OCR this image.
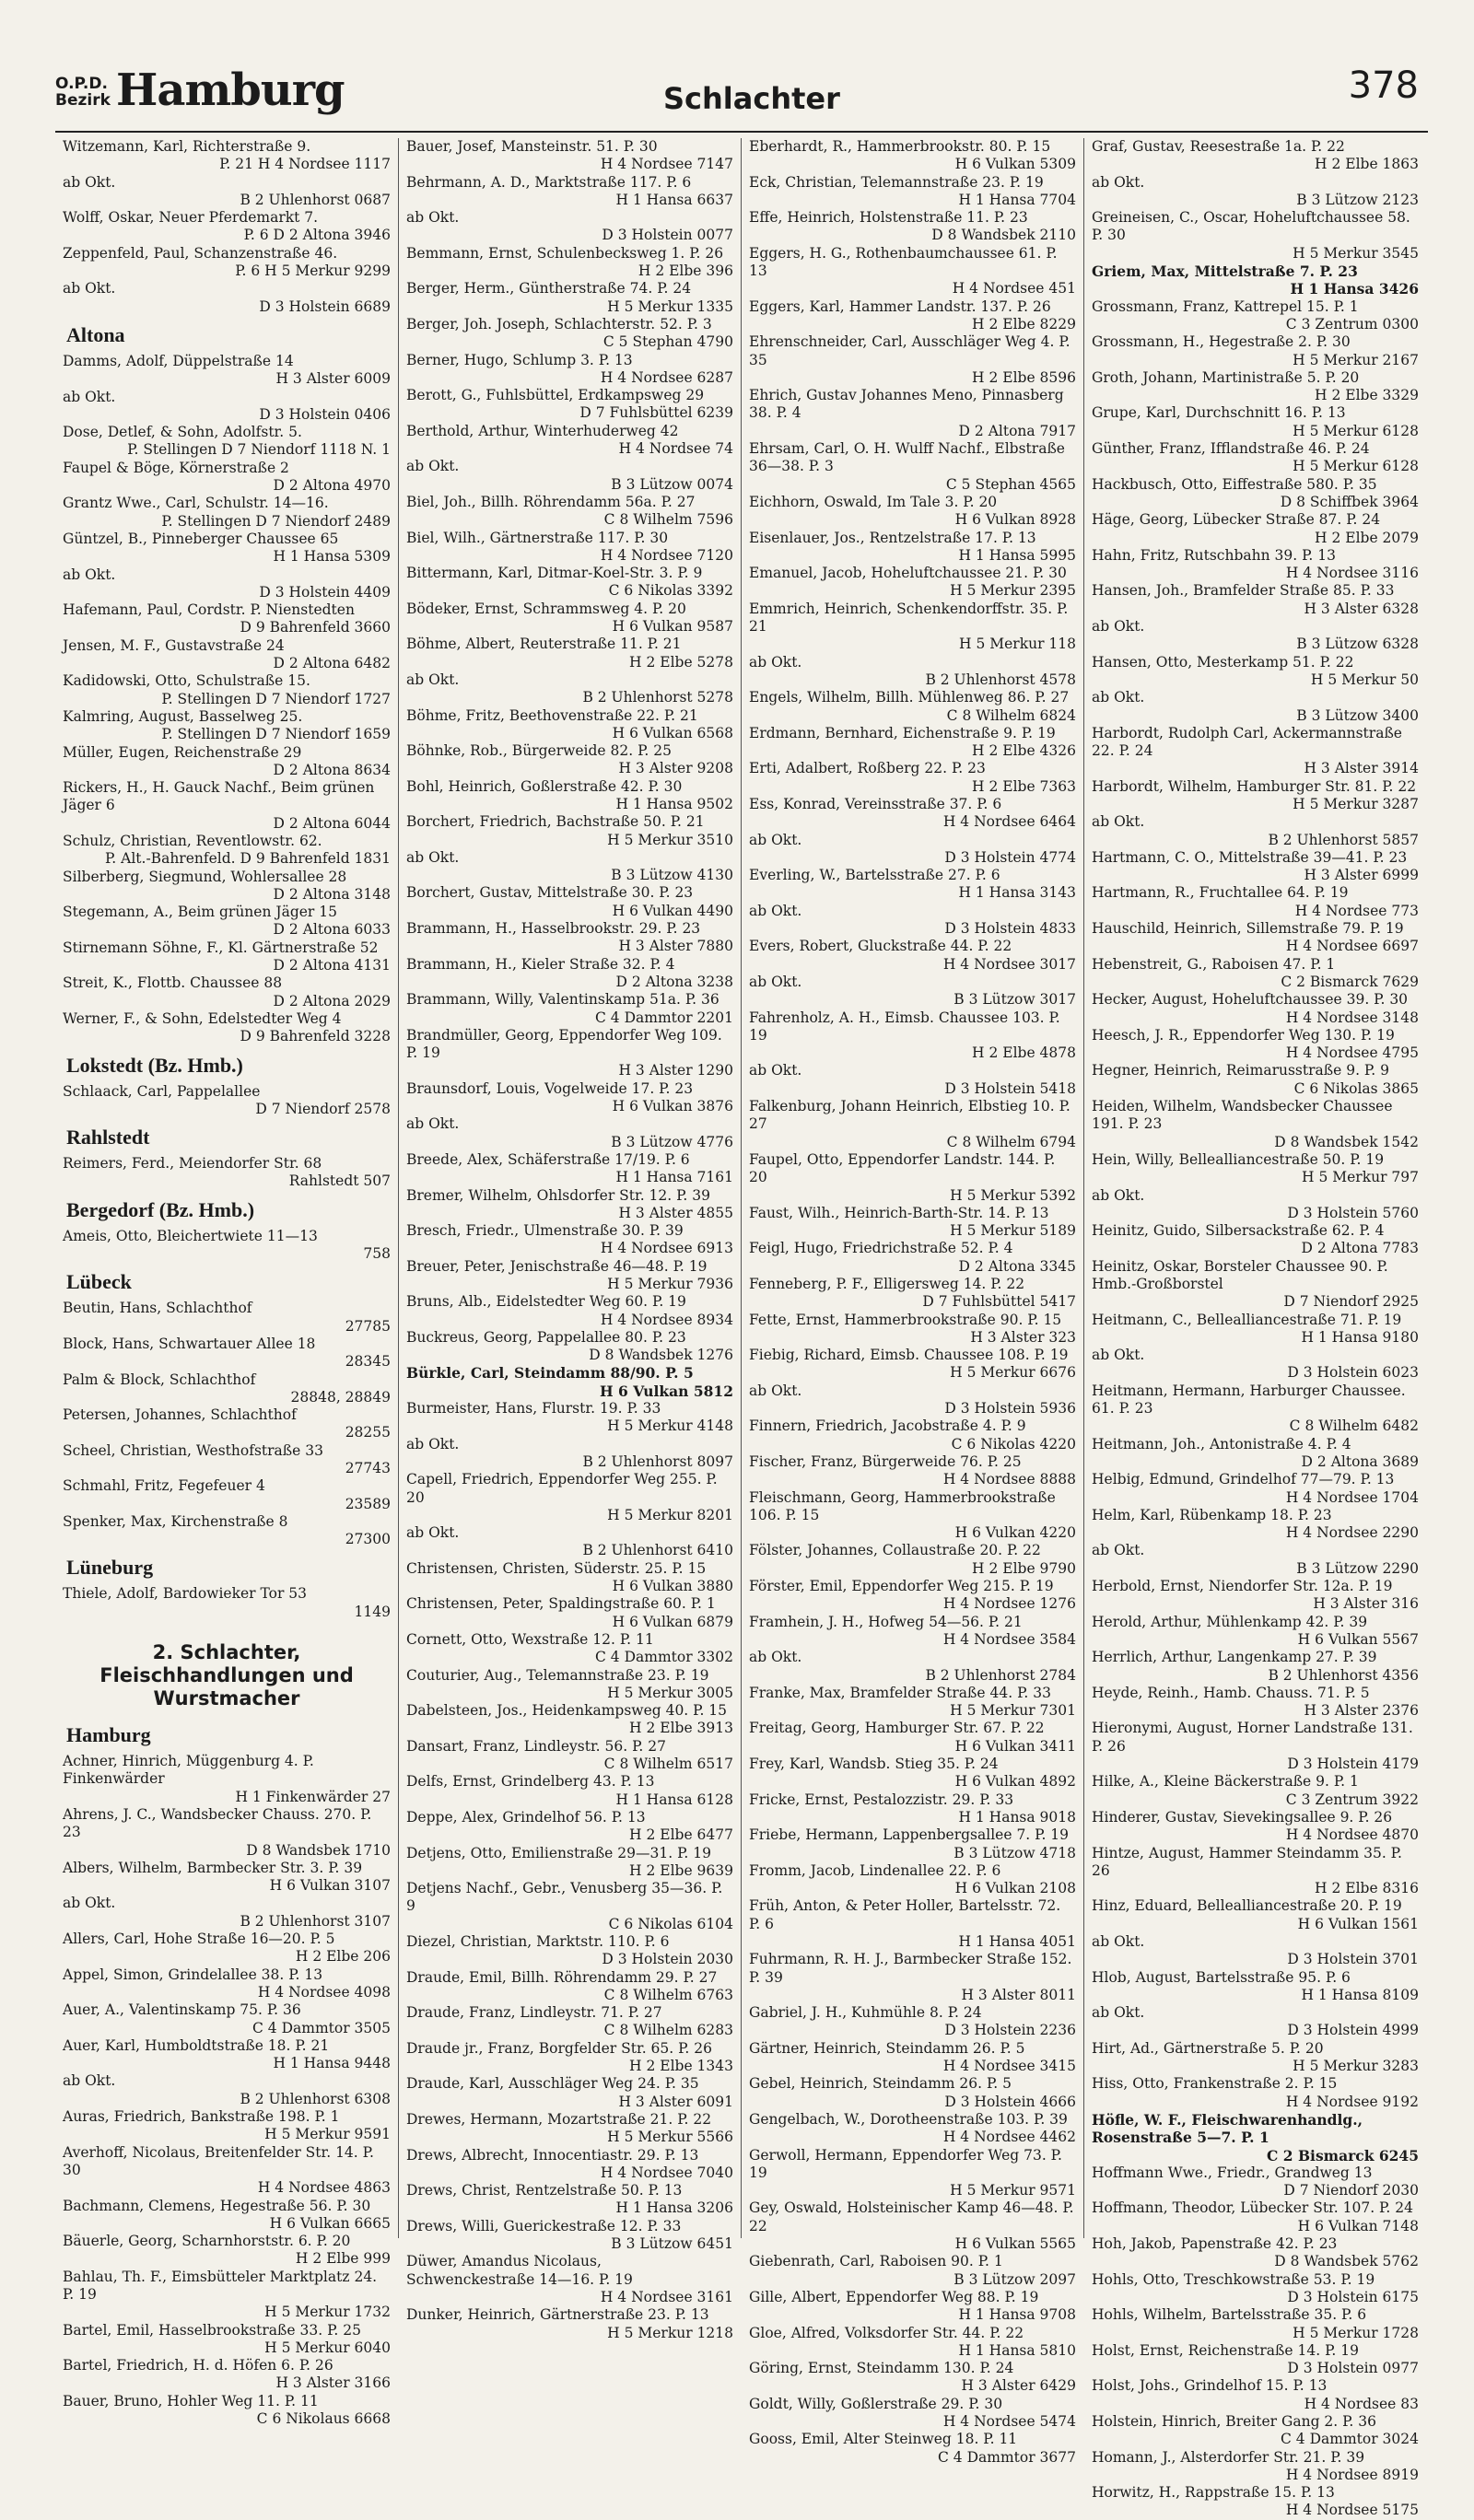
O.P.D.
Bezirk Hamburg	Schlachter	378
Witzemann, Karl, Richterstraße 9.
P. 21 H 4 Nordsee 1117
ab Okt.
B 2 Uhlenhorst 0687
Wolff, Oskar, Neuer Pferdemarkt 7.
P. 6 D 2 Altona 3946
Zeppenfeld, Paul, Schanzenstraße 46.
P. 6 H 5 Merkur 9299
ab Okt.
D 3 Holstein 6689
Altona
Damms, Adolf, Düppelstraße 14
H 3 Alster 6009
ab Okt.
D 3 Holstein 0406
Dose, Detlef, & Sohn, Adolfstr. 5.
P. Stellingen D 7 Niendorf 1118 N. 1
Faupel & Böge, Körnerstraße 2
D 2 Altona 4970
Grantz Wwe., Carl, Schulstr. 14—16.
P. Stellingen D 7 Niendorf 2489
Güntzel, B., Pinneberger Chaussee 65
H 1 Hansa 5309
ab Okt.
D 3 Holstein 4409
Hafemann, Paul, Cordstr. P. Nienstedten
D 9 Bahrenfeld 3660
Jensen, M. F., Gustavstraße 24
D 2 Altona 6482
Kadidowski, Otto, Schulstraße 15.
P. Stellingen D 7 Niendorf 1727
Kalmring, August, Basselweg 25.
P. Stellingen D 7 Niendorf 1659
Müller, Eugen, Reichenstraße 29
D 2 Altona 8634
Rickers, H., H. Gauck Nachf., Beim grünen Jäger 6
D 2 Altona 6044
Schulz, Christian, Reventlowstr. 62.
P. Alt.-Bahrenfeld. D 9 Bahrenfeld 1831
Silberberg, Siegmund, Wohlersallee 28
D 2 Altona 3148
Stegemann, A., Beim grünen Jäger 15
D 2 Altona 6033
Stirnemann Söhne, F., Kl. Gärtnerstraße 52
D 2 Altona 4131
Streit, K., Flottb. Chaussee 88
D 2 Altona 2029
Werner, F., & Sohn, Edelstedter Weg 4
D 9 Bahrenfeld 3228
Lokstedt (Bz. Hmb.)
Schlaack, Carl, Pappelallee
D 7 Niendorf 2578
Rahlstedt
Reimers, Ferd., Meiendorfer Str. 68
Rahlstedt 507
Bergedorf (Bz. Hmb.)
Ameis, Otto, Bleichertwiete 11—13
758
Lübeck
Beutin, Hans, Schlachthof
27785
Block, Hans, Schwartauer Allee 18
28345
Palm & Block, Schlachthof
28848, 28849
Petersen, Johannes, Schlachthof
28255
Scheel, Christian, Westhofstraße 33
27743
Schmahl, Fritz, Fegefeuer 4
23589
Spenker, Max, Kirchenstraße 8
27300
Lüneburg
Thiele, Adolf, Bardowieker Tor 53
1149
2. Schlachter, Fleischhandlungen und Wurstmacher
Hamburg
Achner, Hinrich, Müggenburg 4. P. Finkenwärder
H 1 Finkenwärder 27
Ahrens, J. C., Wandsbecker Chauss. 270. P. 23
D 8 Wandsbek 1710
Albers, Wilhelm, Barmbecker Str. 3. P. 39
H 6 Vulkan 3107
ab Okt.
B 2 Uhlenhorst 3107
Allers, Carl, Hohe Straße 16—20. P. 5
H 2 Elbe 206
Appel, Simon, Grindelallee 38. P. 13
H 4 Nordsee 4098
Auer, A., Valentinskamp 75. P. 36
C 4 Dammtor 3505
Auer, Karl, Humboldtstraße 18. P. 21
H 1 Hansa 9448
ab Okt.
B 2 Uhlenhorst 6308
Auras, Friedrich, Bankstraße 198. P. 1
H 5 Merkur 9591
Averhoff, Nicolaus, Breitenfelder Str. 14. P. 30
H 4 Nordsee 4863
Bachmann, Clemens, Hegestraße 56. P. 30
H 6 Vulkan 6665
Bäuerle, Georg, Scharnhorststr. 6. P. 20
H 2 Elbe 999
Bahlau, Th. F., Eimsbütteler Marktplatz 24. P. 19
H 5 Merkur 1732
Bartel, Emil, Hasselbrookstraße 33. P. 25
H 5 Merkur 6040
Bartel, Friedrich, H. d. Höfen 6. P. 26
H 3 Alster 3166
Bauer, Bruno, Hohler Weg 11. P. 11
C 6 Nikolaus 6668
Bauer, Josef, Mansteinstr. 51. P. 30
H 4 Nordsee 7147
Behrmann, A. D., Marktstraße 117. P. 6
H 1 Hansa 6637
ab Okt.
D 3 Holstein 0077
Bemmann, Ernst, Schulenbecksweg 1. P. 26
H 2 Elbe 396
Berger, Herm., Güntherstraße 74. P. 24
H 5 Merkur 1335
Berger, Joh. Joseph, Schlachterstr. 52. P. 3
C 5 Stephan 4790
Berner, Hugo, Schlump 3. P. 13
H 4 Nordsee 6287
Berott, G., Fuhlsbüttel, Erdkampsweg 29
D 7 Fuhlsbüttel 6239
Berthold, Arthur, Winterhuderweg 42
H 4 Nordsee 74
ab Okt.
B 3 Lützow 0074
Biel, Joh., Billh. Röhrendamm 56a. P. 27
C 8 Wilhelm 7596
Biel, Wilh., Gärtnerstraße 117. P. 30
H 4 Nordsee 7120
Bittermann, Karl, Ditmar-Koel-Str. 3. P. 9
C 6 Nikolas 3392
Bödeker, Ernst, Schrammsweg 4. P. 20
H 6 Vulkan 9587
Böhme, Albert, Reuterstraße 11. P. 21
H 2 Elbe 5278
ab Okt.
B 2 Uhlenhorst 5278
Böhme, Fritz, Beethovenstraße 22. P. 21
H 6 Vulkan 6568
Böhnke, Rob., Bürgerweide 82. P. 25
H 3 Alster 9208
Bohl, Heinrich, Goßlerstraße 42. P. 30
H 1 Hansa 9502
Borchert, Friedrich, Bachstraße 50. P. 21
H 5 Merkur 3510
ab Okt.
B 3 Lützow 4130
Borchert, Gustav, Mittelstraße 30. P. 23
H 6 Vulkan 4490
Brammann, H., Hasselbrookstr. 29. P. 23
H 3 Alster 7880
Brammann, H., Kieler Straße 32. P. 4
D 2 Altona 3238
Brammann, Willy, Valentinskamp 51a. P. 36
C 4 Dammtor 2201
Brandmüller, Georg, Eppendorfer Weg 109. P. 19
H 3 Alster 1290
Braunsdorf, Louis, Vogelweide 17. P. 23
H 6 Vulkan 3876
ab Okt.
B 3 Lützow 4776
Breede, Alex, Schäferstraße 17/19. P. 6
H 1 Hansa 7161
Bremer, Wilhelm, Ohlsdorfer Str. 12. P. 39
H 3 Alster 4855
Bresch, Friedr., Ulmenstraße 30. P. 39
H 4 Nordsee 6913
Breuer, Peter, Jenischstraße 46—48. P. 19
H 5 Merkur 7936
Bruns, Alb., Eidelstedter Weg 60. P. 19
H 4 Nordsee 8934
Buckreus, Georg, Pappelallee 80. P. 23
D 8 Wandsbek 1276
Bürkle, Carl, Steindamm 88/90. P. 5
H 6 Vulkan 5812
Burmeister, Hans, Flurstr. 19. P. 33
H 5 Merkur 4148
ab Okt.
B 2 Uhlenhorst 8097
Capell, Friedrich, Eppendorfer Weg 255. P. 20
H 5 Merkur 8201
ab Okt.
B 2 Uhlenhorst 6410
Christensen, Christen, Süderstr. 25. P. 15
H 6 Vulkan 3880
Christensen, Peter, Spaldingstraße 60. P. 1
H 6 Vulkan 6879
Cornett, Otto, Wexstraße 12. P. 11
C 4 Dammtor 3302
Couturier, Aug., Telemannstraße 23. P. 19
H 5 Merkur 3005
Dabelsteen, Jos., Heidenkampsweg 40. P. 15
H 2 Elbe 3913
Dansart, Franz, Lindleystr. 56. P. 27
C 8 Wilhelm 6517
Delfs, Ernst, Grindelberg 43. P. 13
H 1 Hansa 6128
Deppe, Alex, Grindelhof 56. P. 13
H 2 Elbe 6477
Detjens, Otto, Emilienstraße 29—31. P. 19
H 2 Elbe 9639
Detjens Nachf., Gebr., Venusberg 35—36. P. 9
C 6 Nikolas 6104
Diezel, Christian, Marktstr. 110. P. 6
D 3 Holstein 2030
Draude, Emil, Billh. Röhrendamm 29. P. 27
C 8 Wilhelm 6763
Draude, Franz, Lindleystr. 71. P. 27
C 8 Wilhelm 6283
Draude jr., Franz, Borgfelder Str. 65. P. 26
H 2 Elbe 1343
Draude, Karl, Ausschläger Weg 24. P. 35
H 3 Alster 6091
Drewes, Hermann, Mozartstraße 21. P. 22
H 5 Merkur 5566
Drews, Albrecht, Innocentiastr. 29. P. 13
H 4 Nordsee 7040
Drews, Christ, Rentzelstraße 50. P. 13
H 1 Hansa 3206
Drews, Willi, Guerickestraße 12. P. 33
B 3 Lützow 6451
Düwer, Amandus Nicolaus, Schwenckestraße 14—16. P. 19
H 4 Nordsee 3161
Dunker, Heinrich, Gärtnerstraße 23. P. 13
H 5 Merkur 1218
Eberhardt, R., Hammerbrookstr. 80. P. 15
H 6 Vulkan 5309
Eck, Christian, Telemannstraße 23. P. 19
H 1 Hansa 7704
Effe, Heinrich, Holstenstraße 11. P. 23
D 8 Wandsbek 2110
Eggers, H. G., Rothenbaumchaussee 61. P. 13
H 4 Nordsee 451
Eggers, Karl, Hammer Landstr. 137. P. 26
H 2 Elbe 8229
Ehrenschneider, Carl, Ausschläger Weg 4. P. 35
H 2 Elbe 8596
Ehrich, Gustav Johannes Meno, Pinnasberg 38. P. 4
D 2 Altona 7917
Ehrsam, Carl, O. H. Wulff Nachf., Elbstraße 36—38. P. 3
C 5 Stephan 4565
Eichhorn, Oswald, Im Tale 3. P. 20
H 6 Vulkan 8928
Eisenlauer, Jos., Rentzelstraße 17. P. 13
H 1 Hansa 5995
Emanuel, Jacob, Hoheluftchaussee 21. P. 30
H 5 Merkur 2395
Emmrich, Heinrich, Schenkendorffstr. 35. P. 21
H 5 Merkur 118
ab Okt.
B 2 Uhlenhorst 4578
Engels, Wilhelm, Billh. Mühlenweg 86. P. 27
C 8 Wilhelm 6824
Erdmann, Bernhard, Eichenstraße 9. P. 19
H 2 Elbe 4326
Erti, Adalbert, Roßberg 22. P. 23
H 2 Elbe 7363
Ess, Konrad, Vereinsstraße 37. P. 6
H 4 Nordsee 6464
ab Okt.
D 3 Holstein 4774
Everling, W., Bartelsstraße 27. P. 6
H 1 Hansa 3143
ab Okt.
D 3 Holstein 4833
Evers, Robert, Gluckstraße 44. P. 22
H 4 Nordsee 3017
ab Okt.
B 3 Lützow 3017
Fahrenholz, A. H., Eimsb. Chaussee 103. P. 19
H 2 Elbe 4878
ab Okt.
D 3 Holstein 5418
Falkenburg, Johann Heinrich, Elbstieg 10. P. 27
C 8 Wilhelm 6794
Faupel, Otto, Eppendorfer Landstr. 144. P. 20
H 5 Merkur 5392
Faust, Wilh., Heinrich-Barth-Str. 14. P. 13
H 5 Merkur 5189
Feigl, Hugo, Friedrichstraße 52. P. 4
D 2 Altona 3345
Fenneberg, P. F., Elligersweg 14. P. 22
D 7 Fuhlsbüttel 5417
Fette, Ernst, Hammerbrookstraße 90. P. 15
H 3 Alster 323
Fiebig, Richard, Eimsb. Chaussee 108. P. 19
H 5 Merkur 6676
ab Okt.
D 3 Holstein 5936
Finnern, Friedrich, Jacobstraße 4. P. 9
C 6 Nikolas 4220
Fischer, Franz, Bürgerweide 76. P. 25
H 4 Nordsee 8888
Fleischmann, Georg, Hammerbrookstraße 106. P. 15
H 6 Vulkan 4220
Fölster, Johannes, Collaustraße 20. P. 22
H 2 Elbe 9790
Förster, Emil, Eppendorfer Weg 215. P. 19
H 4 Nordsee 1276
Framhein, J. H., Hofweg 54—56. P. 21
H 4 Nordsee 3584
ab Okt.
B 2 Uhlenhorst 2784
Franke, Max, Bramfelder Straße 44. P. 33
H 5 Merkur 7301
Freitag, Georg, Hamburger Str. 67. P. 22
H 6 Vulkan 3411
Frey, Karl, Wandsb. Stieg 35. P. 24
H 6 Vulkan 4892
Fricke, Ernst, Pestalozzistr. 29. P. 33
H 1 Hansa 9018
Friebe, Hermann, Lappenbergsallee 7. P. 19
B 3 Lützow 4718
Fromm, Jacob, Lindenallee 22. P. 6
H 6 Vulkan 2108
Früh, Anton, & Peter Holler, Bartelsstr. 72. P. 6
H 1 Hansa 4051
Fuhrmann, R. H. J., Barmbecker Straße 152. P. 39
H 3 Alster 8011
Gabriel, J. H., Kuhmühle 8. P. 24
D 3 Holstein 2236
Gärtner, Heinrich, Steindamm 26. P. 5
H 4 Nordsee 3415
Gebel, Heinrich, Steindamm 26. P. 5
D 3 Holstein 4666
Gengelbach, W., Dorotheenstraße 103. P. 39
H 4 Nordsee 4462
Gerwoll, Hermann, Eppendorfer Weg 73. P. 19
H 5 Merkur 9571
Gey, Oswald, Holsteinischer Kamp 46—48. P. 22
H 6 Vulkan 5565
Giebenrath, Carl, Raboisen 90. P. 1
B 3 Lützow 2097
Gille, Albert, Eppendorfer Weg 88. P. 19
H 1 Hansa 9708
Gloe, Alfred, Volksdorfer Str. 44. P. 22
H 1 Hansa 5810
Göring, Ernst, Steindamm 130. P. 24
H 3 Alster 6429
Goldt, Willy, Goßlerstraße 29. P. 30
H 4 Nordsee 5474
Gooss, Emil, Alter Steinweg 18. P. 11
C 4 Dammtor 3677
Graf, Gustav, Reesestraße 1a. P. 22
H 2 Elbe 1863
ab Okt.
B 3 Lützow 2123
Greineisen, C., Oscar, Hoheluftchaussee 58. P. 30
H 5 Merkur 3545
Griem, Max, Mittelstraße 7. P. 23
H 1 Hansa 3426
Grossmann, Franz, Kattrepel 15. P. 1
C 3 Zentrum 0300
Grossmann, H., Hegestraße 2. P. 30
H 5 Merkur 2167
Groth, Johann, Martinistraße 5. P. 20
H 2 Elbe 3329
Grupe, Karl, Durchschnitt 16. P. 13
H 5 Merkur 6128
Günther, Franz, Ifflandstraße 46. P. 24
H 5 Merkur 6128
Hackbusch, Otto, Eiffestraße 580. P. 35
D 8 Schiffbek 3964
Häge, Georg, Lübecker Straße 87. P. 24
H 2 Elbe 2079
Hahn, Fritz, Rutschbahn 39. P. 13
H 4 Nordsee 3116
Hansen, Joh., Bramfelder Straße 85. P. 33
H 3 Alster 6328
ab Okt.
B 3 Lützow 6328
Hansen, Otto, Mesterkamp 51. P. 22
H 5 Merkur 50
ab Okt.
B 3 Lützow 3400
Harbordt, Rudolph Carl, Ackermannstraße 22. P. 24
H 3 Alster 3914
Harbordt, Wilhelm, Hamburger Str. 81. P. 22
H 5 Merkur 3287
ab Okt.
B 2 Uhlenhorst 5857
Hartmann, C. O., Mittelstraße 39—41. P. 23
H 3 Alster 6999
Hartmann, R., Fruchtallee 64. P. 19
H 4 Nordsee 773
Hauschild, Heinrich, Sillemstraße 79. P. 19
H 4 Nordsee 6697
Hebenstreit, G., Raboisen 47. P. 1
C 2 Bismarck 7629
Hecker, August, Hoheluftchaussee 39. P. 30
H 4 Nordsee 3148
Heesch, J. R., Eppendorfer Weg 130. P. 19
H 4 Nordsee 4795
Hegner, Heinrich, Reimarusstraße 9. P. 9
C 6 Nikolas 3865
Heiden, Wilhelm, Wandsbecker Chaussee 191. P. 23
D 8 Wandsbek 1542
Hein, Willy, Bellealliancestraße 50. P. 19
H 5 Merkur 797
ab Okt.
D 3 Holstein 5760
Heinitz, Guido, Silbersackstraße 62. P. 4
D 2 Altona 7783
Heinitz, Oskar, Borsteler Chaussee 90. P. Hmb.-Großborstel
D 7 Niendorf 2925
Heitmann, C., Bellealliancestraße 71. P. 19
H 1 Hansa 9180
ab Okt.
D 3 Holstein 6023
Heitmann, Hermann, Harburger Chaussee. 61. P. 23
C 8 Wilhelm 6482
Heitmann, Joh., Antonistraße 4. P. 4
D 2 Altona 3689
Helbig, Edmund, Grindelhof 77—79. P. 13
H 4 Nordsee 1704
Helm, Karl, Rübenkamp 18. P. 23
H 4 Nordsee 2290
ab Okt.
B 3 Lützow 2290
Herbold, Ernst, Niendorfer Str. 12a. P. 19
H 3 Alster 316
Herold, Arthur, Mühlenkamp 42. P. 39
H 6 Vulkan 5567
Herrlich, Arthur, Langenkamp 27. P. 39
B 2 Uhlenhorst 4356
Heyde, Reinh., Hamb. Chauss. 71. P. 5
H 3 Alster 2376
Hieronymi, August, Horner Landstraße 131. P. 26
D 3 Holstein 4179
Hilke, A., Kleine Bäckerstraße 9. P. 1
C 3 Zentrum 3922
Hinderer, Gustav, Sievekingsallee 9. P. 26
H 4 Nordsee 4870
Hintze, August, Hammer Steindamm 35. P. 26
H 2 Elbe 8316
Hinz, Eduard, Bellealliancestraße 20. P. 19
H 6 Vulkan 1561
ab Okt.
D 3 Holstein 3701
Hlob, August, Bartelsstraße 95. P. 6
H 1 Hansa 8109
ab Okt.
D 3 Holstein 4999
Hirt, Ad., Gärtnerstraße 5. P. 20
H 5 Merkur 3283
Hiss, Otto, Frankenstraße 2. P. 15
H 4 Nordsee 9192
Höfle, W. F., Fleischwarenhandlg., Rosenstraße 5—7. P. 1
C 2 Bismarck 6245
Hoffmann Wwe., Friedr., Grandweg 13
D 7 Niendorf 2030
Hoffmann, Theodor, Lübecker Str. 107. P. 24
H 6 Vulkan 7148
Hoh, Jakob, Papenstraße 42. P. 23
D 8 Wandsbek 5762
Hohls, Otto, Treschkowstraße 53. P. 19
D 3 Holstein 6175
Hohls, Wilhelm, Bartelsstraße 35. P. 6
H 5 Merkur 1728
Holst, Ernst, Reichenstraße 14. P. 19
D 3 Holstein 0977
Holst, Johs., Grindelhof 15. P. 13
H 4 Nordsee 83
Holstein, Hinrich, Breiter Gang 2. P. 36
C 4 Dammtor 3024
Homann, J., Alsterdorfer Str. 21. P. 39
H 4 Nordsee 8919
Horwitz, H., Rappstraße 15. P. 13
H 4 Nordsee 5175
